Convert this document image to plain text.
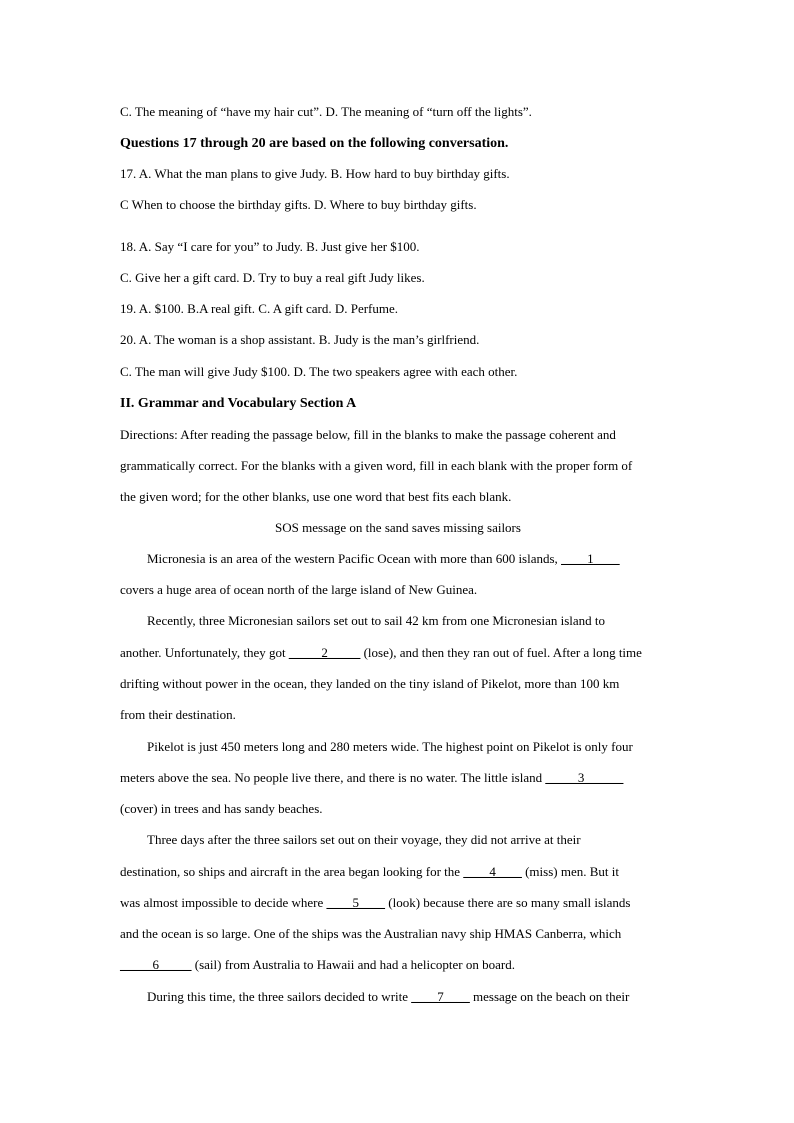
C. The meaning of “have my hair cut”. D. The meaning of “turn off the lights”.
Questions 17 through 20 are based on the following conversation.
17. A. What the man plans to give Judy. B. How hard to buy birthday gifts.
C When to choose the birthday gifts. D. Where to buy birthday gifts.
18. A. Say “I care for you” to Judy. B. Just give her $100.
C. Give her a gift card. D. Try to buy a real gift Judy likes.
19. A. $100. B.A real gift. C. A gift card. D. Perfume.
20. A. The woman is a shop assistant. B. Judy is the man’s girlfriend.
C. The man will give Judy $100. D. The two speakers agree with each other.
II. Grammar and Vocabulary Section A
Directions: After reading the passage below, fill in the blanks to make the passage coherent and
grammatically correct. For the blanks with a given word, fill in each blank with the proper form of
the given word; for the other blanks, use one word that best fits each blank.
SOS message on the sand saves missing sailors
Micronesia is an area of the western Pacific Ocean with more than 600 islands, ____1____
covers a huge area of ocean north of the large island of New Guinea.
Recently, three Micronesian sailors set out to sail 42 km from one Micronesian island to
another. Unfortunately, they got _____2_____ (lose), and then they ran out of fuel. After a long time
drifting without power in the ocean, they landed on the tiny island of Pikelot, more than 100 km
from their destination.
Pikelot is just 450 meters long and 280 meters wide. The highest point on Pikelot is only four
meters above the sea. No people live there, and there is no water. The little island _____3______
(cover) in trees and has sandy beaches.
Three days after the three sailors set out on their voyage, they did not arrive at their
destination, so ships and aircraft in the area began looking for the ____4____ (miss) men. But it
was almost impossible to decide where ____5____ (look) because there are so many small islands
and the ocean is so large. One of the ships was the Australian navy ship HMAS Canberra, which
_____6_____ (sail) from Australia to Hawaii and had a helicopter on board.
During this time, the three sailors decided to write ____7____ message on the beach on their
